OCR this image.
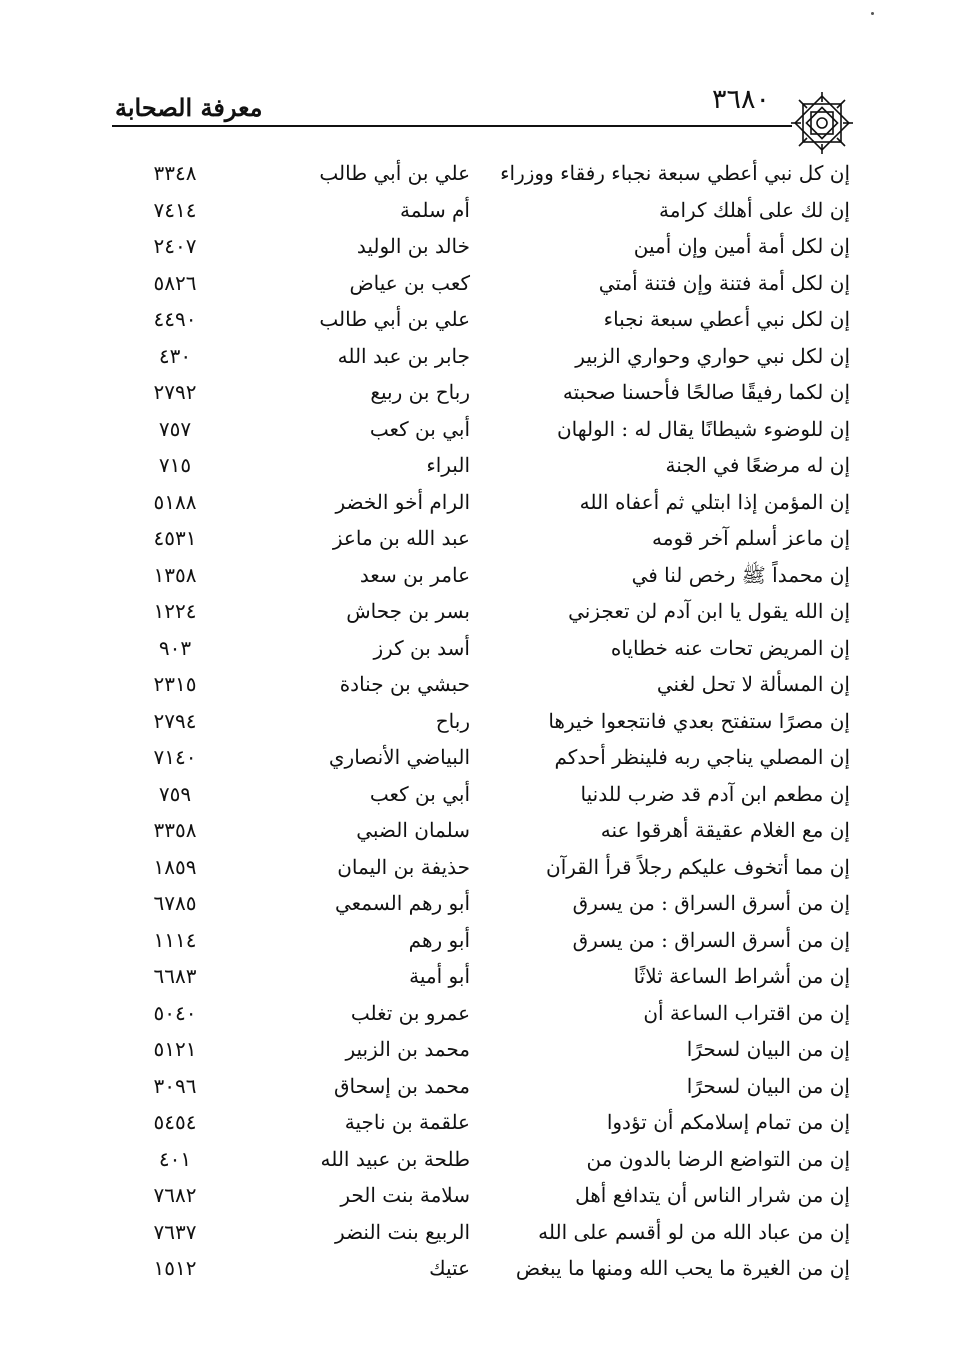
معرفة الصحابة	٣٦٨٠
إن كل نبي أعطي سبعة نجباء رفقاء ووزراء
علي بن أبي طالب
٣٣٤٨
إن لك على أهلك كرامة
أم سلمة
٧٤١٤
إن لكل أمة أمين وإن أمين
خالد بن الوليد
٢٤٠٧
إن لكل أمة فتنة وإن فتنة أمتي
كعب بن عياض
٥٨٢٦
إن لكل نبي أعطي سبعة نجباء
علي بن أبي طالب
٤٤٩٠
إن لكل نبي حواري وحواري الزبير
جابر بن عبد الله
٤٣٠
إن لكما رفيقًا صالحًا فأحسنا صحبته
رباح بن ربيع
٢٧٩٢
إن للوضوء شيطانًا يقال له : الولهان
أبي بن كعب
٧٥٧
إن له مرضعًا في الجنة
البراء
٧١٥
إن المؤمن إذا ابتلي ثم أعفاه الله
الرام أخو الخضر
٥١٨٨
إن ماعز أسلم آخر قومه
عبد الله بن ماعز
٤٥٣١
إن محمداً ﷺ رخص لنا في
عامر بن سعد
١٣٥٨
إن الله يقول يا ابن آدم لن تعجزني
بسر بن جحاش
١٢٢٤
إن المريض تحات عنه خطاياه
أسد بن كرز
٩٠٣
إن المسألة لا تحل لغني
حبشي بن جنادة
٢٣١٥
إن مصرًا ستفتح بعدي فانتجعوا خيرها
رباح
٢٧٩٤
إن المصلي يناجي ربه فلينظر أحدكم
البياضي الأنصاري
٧١٤٠
إن مطعم ابن آدم قد ضرب للدنيا
أبي بن كعب
٧٥٩
إن مع الغلام عقيقة أهرقوا عنه
سلمان الضبي
٣٣٥٨
إن مما أتخوف عليكم رجلاً قرأ القرآن
حذيفة بن اليمان
١٨٥٩
إن من أسرق السراق : من يسرق
أبو رهم السمعي
٦٧٨٥
إن من أسرق السراق : من يسرق
أبو رهم
١١١٤
إن من أشراط الساعة ثلاثًا
أبو أمية
٦٦٨٣
إن من اقتراب الساعة أن
عمرو بن تغلب
٥٠٤٠
إن من البيان لسحرًا
محمد بن الزبير
٥١٢١
إن من البيان لسحرًا
محمد بن إسحاق
٣٠٩٦
إن من تمام إسلامكم أن تؤدوا
علقمة بن ناجية
٥٤٥٤
إن من التواضع الرضا بالدون من
طلحة بن عبيد الله
٤٠١
إن من شرار الناس أن يتدافع أهل
سلامة بنت الحر
٧٦٨٢
إن من عباد الله من لو أقسم على الله
الربيع بنت النضر
٧٦٣٧
إن من الغيرة ما يحب الله ومنها ما يبغض
عتيك
١٥١٢
